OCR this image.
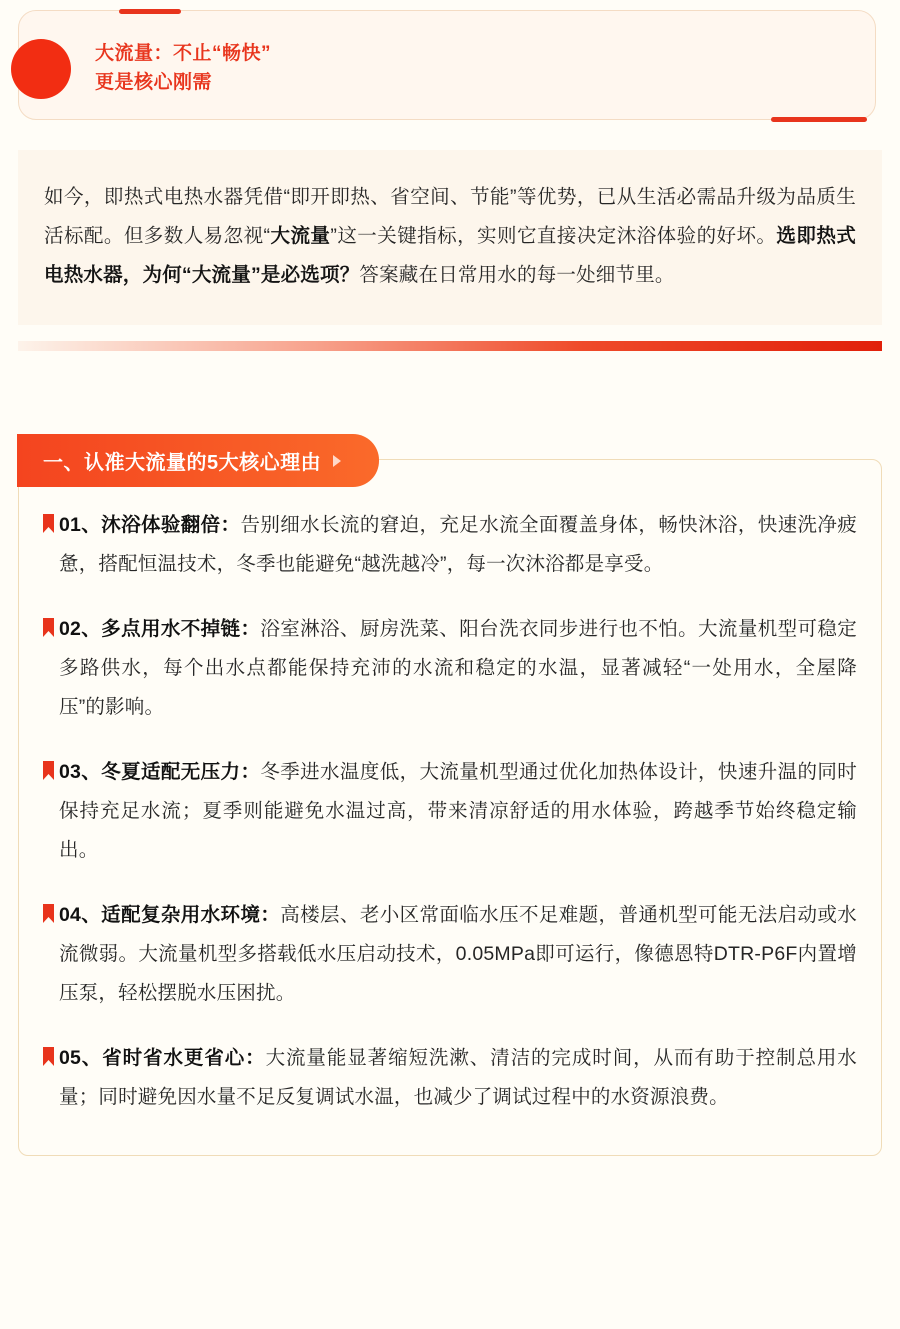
大流量：不止“畅快”
更是核心刚需
如今，即热式电热水器凭借“即开即热、省空间、节能”等优势，已从生活必需品升级为品质生活标配。但多数人易忽视“大流量”这一关键指标，实则它直接决定沐浴体验的好坏。选即热式电热水器，为何“大流量”是必选项？答案藏在日常用水的每一处细节里。
一、认准大流量的5大核心理由
01、沐浴体验翻倍：告别细水长流的窘迫，充足水流全面覆盖身体，畅快沐浴，快速洗净疲惫，搭配恒温技术，冬季也能避免“越洗越冷”，每一次沐浴都是享受。
02、多点用水不掉链：浴室淋浴、厨房洗菜、阳台洗衣同步进行也不怕。大流量机型可稳定多路供水，每个出水点都能保持充沛的水流和稳定的水温，显著减轻“一处用水，全屋降压”的影响。
03、冬夏适配无压力：冬季进水温度低，大流量机型通过优化加热体设计，快速升温的同时保持充足水流；夏季则能避免水温过高，带来清凉舒适的用水体验，跨越季节始终稳定输出。
04、适配复杂用水环境：高楼层、老小区常面临水压不足难题，普通机型可能无法启动或水流微弱。大流量机型多搭载低水压启动技术，0.05MPa即可运行，像德恩特DTR-P6F内置增压泵，轻松摆脱水压困扰。
05、省时省水更省心：大流量能显著缩短洗漱、清洁的完成时间，从而有助于控制总用水量；同时避免因水量不足反复调试水温，也减少了调试过程中的水资源浪费。
